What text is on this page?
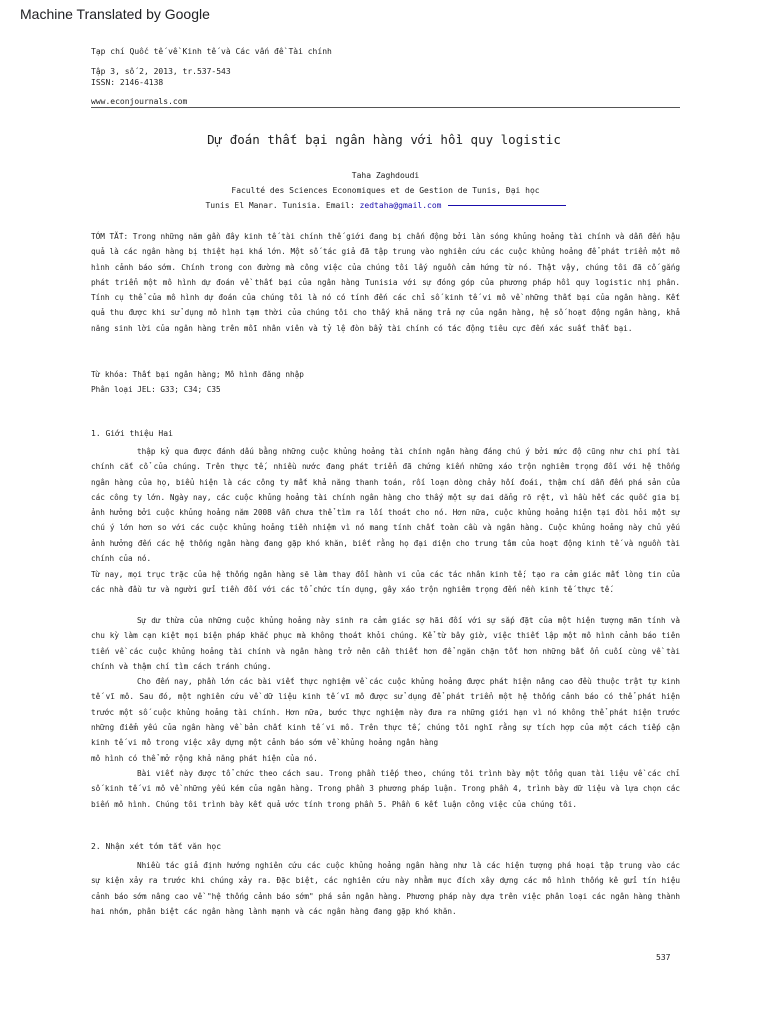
Machine Translated by Google
Tạp chí Quốc tế về Kinh tế và Các vấn đề Tài chính
Tập 3, số 2, 2013, tr.537-543
ISSN: 2146-4138
www.econjournals.com
Dự đoán thất bại ngân hàng với hồi quy logistic
Taha Zaghdoudi
Faculté des Sciences Economiques et de Gestion de Tunis, Đại học
Tunis El Manar. Tunisia. Email: zedtaha@gmail.com
TÓM TẮT: Trong những năm gần đây kinh tế tài chính thế giới đang bị chấn động bởi làn sóng khủng hoảng tài chính và dẫn đến hậu quả là các ngân hàng bị thiệt hại khá lớn. Một số tác giả đã tập trung vào nghiên cứu các cuộc khủng hoảng để phát triển một mô hình cảnh báo sớm. Chính trong con đường mà công việc của chúng tôi lấy nguồn cảm hứng từ nó. Thật vậy, chúng tôi đã cố gắng phát triển một mô hình dự đoán về thất bại của ngân hàng Tunisia với sự đóng góp của phương pháp hồi quy logistic nhị phân. Tính cụ thể của mô hình dự đoán của chúng tôi là nó có tính đến các chỉ số kinh tế vi mô về những thất bại của ngân hàng. Kết quả thu được khi sử dụng mô hình tạm thời của chúng tôi cho thấy khả năng trả nợ của ngân hàng, hệ số hoạt động ngân hàng, khả năng sinh lời của ngân hàng trên mỗi nhân viên và tỷ lệ đòn bẩy tài chính có tác động tiêu cực đến xác suất thất bại.
Từ khóa: Thất bại ngân hàng; Mô hình đăng nhập
Phân loại JEL: G33; C34; C35
1. Giới thiệu Hai
thập kỷ qua được đánh dấu bằng những cuộc khủng hoảng tài chính ngân hàng đáng chú ý bởi mức độ cũng như chi phí tài chính cắt cổ của chúng. Trên thực tế, nhiều nước đang phát triển đã chứng kiến những xáo trộn nghiêm trọng đối với hệ thống ngân hàng của họ, biểu hiện là các công ty mất khả năng thanh toán, rối loạn dòng chảy hối đoái, thậm chí dẫn đến phá sản của các công ty lớn. Ngày nay, các cuộc khủng hoảng tài chính ngân hàng cho thấy một sự dai dẳng rõ rệt, vì hầu hết các quốc gia bị ảnh hưởng bởi cuộc khủng hoảng năm 2008 vẫn chưa thể tìm ra lối thoát cho nó. Hơn nữa, cuộc khủng hoảng hiện tại đòi hỏi một sự chú ý lớn hơn so với các cuộc khủng hoảng tiền nhiệm vì nó mang tính chất toàn cầu và ngân hàng. Cuộc khủng hoảng này chủ yếu ảnh hưởng đến các hệ thống ngân hàng đang gặp khó khăn, biết rằng họ đại diện cho trung tâm của hoạt động kinh tế và nguồn tài chính của nó.
Từ nay, mọi trục trặc của hệ thống ngân hàng sẽ làm thay đổi hành vi của các tác nhân kinh tế; tạo ra cảm giác mất lòng tin của các nhà đầu tư và người gửi tiền đối với các tổ chức tín dụng, gây xáo trộn nghiêm trọng đến nền kinh tế thực tế.
Sự dư thừa của những cuộc khủng hoảng này sinh ra cảm giác sợ hãi đối với sự sắp đặt của một hiện tượng mãn tính và chu kỳ làm cạn kiệt mọi biện pháp khắc phục mà không thoát khỏi chúng. Kể từ bây giờ, việc thiết lập một mô hình cảnh báo tiên tiến về các cuộc khủng hoảng tài chính và ngân hàng trở nên cần thiết hơn để ngăn chặn tốt hơn những bất ổn cuối cùng về tài chính và thậm chí tìm cách tránh chúng.
Cho đến nay, phần lớn các bài viết thực nghiệm về các cuộc khủng hoảng được phát hiện nâng cao đều thuộc trật tự kinh tế vĩ mô. Sau đó, một nghiên cứu về dữ liệu kinh tế vĩ mô được sử dụng để phát triển một hệ thống cảnh báo có thể phát hiện trước một số cuộc khủng hoảng tài chính. Hơn nữa, bước thực nghiệm này đưa ra những giới hạn vì nó không thể phát hiện trước những điểm yếu của ngân hàng về bản chất kinh tế vi mô. Trên thực tế, chúng tôi nghĩ rằng sự tích hợp của một cách tiếp cận kinh tế vi mô trong việc xây dựng một cảnh báo sớm về khủng hoảng ngân hàng
mô hình có thể mở rộng khả năng phát hiện của nó.
Bài viết này được tổ chức theo cách sau. Trong phần tiếp theo, chúng tôi trình bày một tổng quan tài liệu về các chỉ số kinh tế vi mô về những yếu kém của ngân hàng. Trong phần 3 phương pháp luận. Trong phần 4, trình bày dữ liệu và lựa chọn các biến mô hình. Chúng tôi trình bày kết quả ước tính trong phần 5. Phần 6 kết luận công việc của chúng tôi.
2. Nhận xét tóm tắt văn học
Nhiều tác giả định hướng nghiên cứu các cuộc khủng hoảng ngân hàng như là các hiện tượng phá hoại tập trung vào các sự kiện xảy ra trước khi chúng xảy ra. Đặc biệt, các nghiên cứu này nhằm mục đích xây dựng các mô hình thống kê gửi tín hiệu cảnh báo sớm nâng cao về "hệ thống cảnh báo sớm" phá sản ngân hàng. Phương pháp này dựa trên việc phân loại các ngân hàng thành hai nhóm, phân biệt các ngân hàng lành mạnh và các ngân hàng đang gặp khó khăn.
537
